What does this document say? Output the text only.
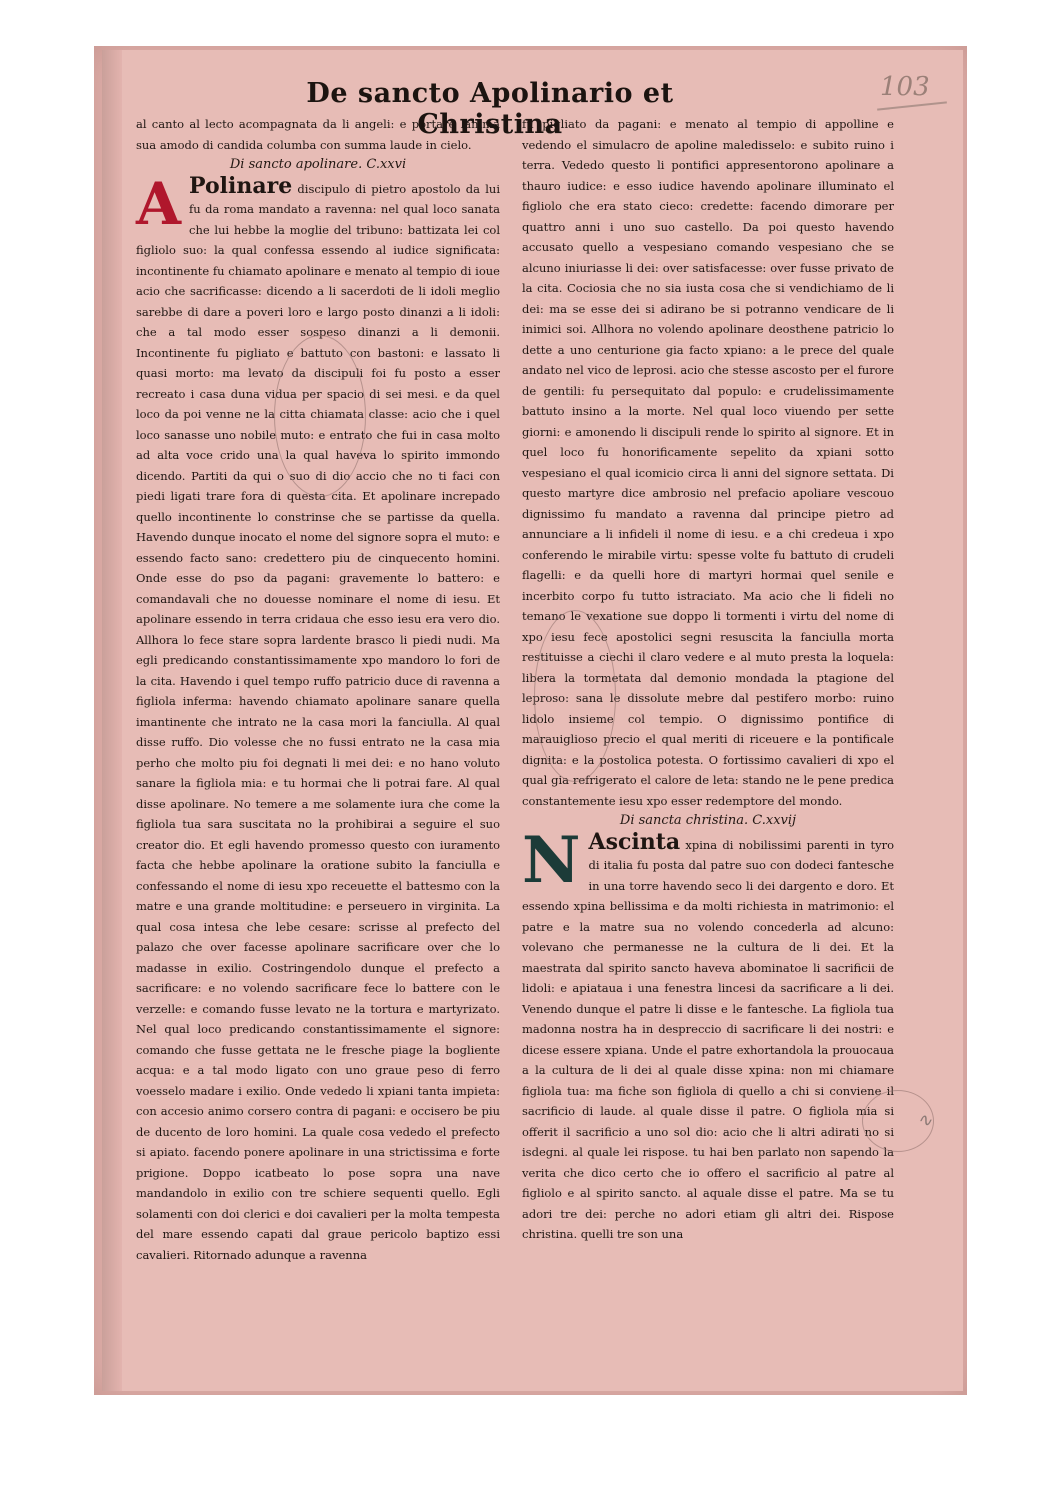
De sancto Apolinario et Christina
103

al canto al lecto acompagnata da li angeli: e portare lanima sua amodo di candida columba con summa laude in cielo.

Di sancto apolinare. C.xxvi

A Polinare discipulo di pietro apostolo da lui fu da roma mandato a ravenna: nel qual loco sanata che lui hebbe la moglie del tribuno: battizata lei col figliolo suo: la qual confessa essendo al iudice significata: incontinente fu chiamato apolinare e menato al tempio di ioue acio che sacrificasse: dicendo a li sacerdoti de li idoli meglio sarebbe di dare a poveri loro e largo posto dinanzi a li idoli: che a tal modo esser sospeso dinanzi a li demonii. Incontinente fu pigliato e battuto con bastoni: e lassato li quasi morto: ma levato da discipuli foi fu posto a esser recreato i casa duna vidua per spacio di sei mesi. e da quel loco da poi venne ne la citta chiamata classe: acio che i quel loco sanasse uno nobile muto: e entrato che fui in casa molto ad alta voce crido una la qual haveva lo spirito immondo dicendo. Partiti da qui o suo di dio accio che no ti faci con piedi ligati trare fora di questa cita. Et apolinare increpado quello incontinente lo constrinse che se partisse da quella. Havendo dunque inocato el nome del signore sopra el muto: e essendo facto sano: credettero piu de cinquecento homini. Onde esse do pso da pagani: gravemente lo battero: e comandavali che no douesse nominare el nome di iesu. Et apolinare essendo in terra cridaua che esso iesu era vero dio. Allhora lo fece stare sopra lardente brasco li piedi nudi. Ma egli predicando constantissimamente xpo mandoro lo fori de la cita. Havendo i quel tempo ruffo patricio duce di ravenna a figliola inferma: havendo chiamato apolinare sanare quella imantinente che intrato ne la casa mori la fanciulla. Al qual disse ruffo. Dio volesse che no fussi entrato ne la casa mia perho che molto piu foi degnati li mei dei: e no hano voluto sanare la figliola mia: e tu hormai che li potrai fare. Al qual disse apolinare. No temere a me solamente iura che come la figliola tua sara suscitata no la prohibirai a seguire el suo creator dio. Et egli havendo promesso questo con iuramento facta che hebbe apolinare la oratione subito la fanciulla e confessando el nome di iesu xpo receuette el battesmo con la matre e una grande moltitudine: e perseuero in virginita. La qual cosa intesa che lebe cesare: scrisse al prefecto del palazo che over facesse apolinare sacrificare over che lo madasse in exilio. Costringendolo dunque el prefecto a sacrificare: e no volendo sacrificare fece lo battere con le verzelle: e comando fusse levato ne la tortura e martyrizato. Nel qual loco predicando constantissimamente el signore: comando che fusse gettata ne le fresche piage la bogliente acqua: e a tal modo ligato con uno graue peso di ferro voesselo madare i exilio. Onde vededo li xpiani tanta impieta: con accesio animo corsero contra di pagani: e occisero be piu de ducento de loro homini. La quale cosa vededo el prefecto si apiato. facendo ponere apolinare in una strictissima e forte prigione. Doppo icatbeato lo pose sopra una nave mandandolo in exilio con tre schiere sequenti quello. Egli solamenti con doi clerici e doi cavalieri per la molta tempesta del mare essendo capati dal graue pericolo baptizo essi cavalieri. Ritornado adunque a ravenna

fu pigliato da pagani: e menato al tempio di appolline e vedendo el simulacro de apoline maledisselo: e subito ruino i terra. Vededo questo li pontifici appresentorono apolinare a thauro iudice: e esso iudice havendo apolinare illuminato el figliolo che era stato cieco: credette: facendo dimorare per quattro anni i uno suo castello. Da poi questo havendo accusato quello a vespesiano comando vespesiano che se alcuno iniuriasse li dei: over satisfacesse: over fusse privato de la cita. Cociosia che no sia iusta cosa che si vendichiamo de li dei: ma se esse dei si adirano be si potranno vendicare de li inimici soi. Allhora no volendo apolinare deosthene patricio lo dette a uno centurione gia facto xpiano: a le prece del quale andato nel vico de leprosi. acio che stesse ascosto per el furore de gentili: fu persequitato dal populo: e crudelissimamente battuto insino a la morte. Nel qual loco viuendo per sette giorni: e amonendo li discipuli rende lo spirito al signore. Et in quel loco fu honorificamente sepelito da xpiani sotto vespesiano el qual icomicio circa li anni del signore settata. Di questo martyre dice ambrosio nel prefacio apoliare vescouo dignissimo fu mandato a ravenna dal principe pietro ad annunciare a li infideli il nome di iesu. e a chi credeua i xpo conferendo le mirabile virtu: spesse volte fu battuto di crudeli flagelli: e da quelli hore di martyri hormai quel senile e incerbito corpo fu tutto istraciato. Ma acio che li fideli no temano le vexatione sue doppo li tormenti i virtu del nome di xpo iesu fece apostolici segni resuscita la fanciulla morta restituisse a ciechi il claro vedere e al muto presta la loquela: libera la tormetata dal demonio mondada la ptagione del leproso: sana le dissolute mebre dal pestifero morbo: ruino lidolo insieme col tempio. O dignissimo pontifice di marauiglioso precio el qual meriti di riceuere e la pontificale dignita: e la postolica potesta. O fortissimo cavalieri di xpo el qual gia refrigerato el calore de leta: stando ne le pene predica constantemente iesu xpo esser redemptore del mondo.

Di sancta christina. C.xxvij

N Ascinta xpina di nobilissimi parenti in tyro di italia fu posta dal patre suo con dodeci fantesche in una torre havendo seco li dei dargento e doro. Et essendo xpina bellissima e da molti richiesta in matrimonio: el patre e la matre sua no volendo concederla ad alcuno: volevano che permanesse ne la cultura de li dei. Et la maestrata dal spirito sancto haveva abominatoe li sacrificii de lidoli: e apiataua i una fenestra lincesi da sacrificare a li dei. Venendo dunque el patre li disse e le fantesche. La figliola tua madonna nostra ha in despreccio di sacrificare li dei nostri: e dicese essere xpiana. Unde el patre exhortandola la prouocaua a la cultura de li dei al quale disse xpina: non mi chiamare figliola tua: ma fiche son figliola di quello a chi si conviene il sacrificio di laude. al quale disse il patre. O figliola mia si offerit il sacrificio a uno sol dio: acio che li altri adirati no si isdegni. al quale lei rispose. tu hai ben parlato non sapendo la verita che dico certo che io offero el sacrificio al patre al figliolo e al spirito sancto. al aquale disse el patre. Ma se tu adori tre dei: perche no adori etiam gli altri dei. Rispose christina. quelli tre son una

∿
